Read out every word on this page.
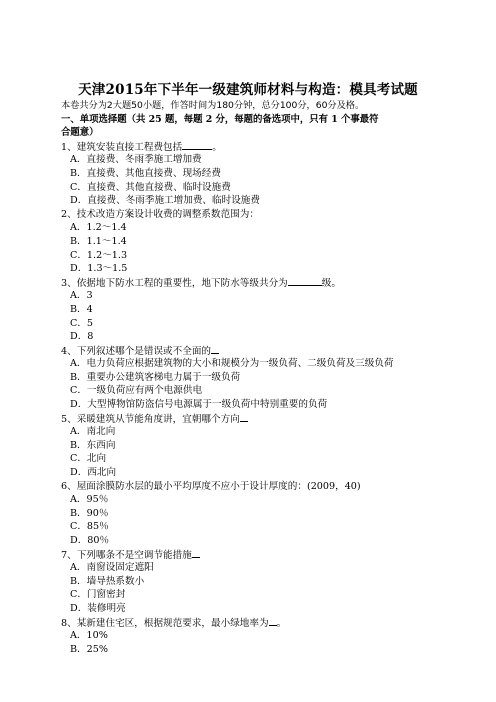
天津2015年下半年一级建筑师材料与构造：模具考试题
本卷共分为2大题50小题，作答时间为180分钟，总分100分，60分及格。
一、单项选择题（共 25 题，每题 2 分，每题的备选项中，只有 1 个事最符
合题意）
1、建筑安装直接工程费包括	。
A．直接费、冬雨季施工增加费
B．直接费、其他直接费、现场经费
C．直接费、其他直接费、临时设施费
D．直接费、冬雨季施工增加费、临时设施费
2、技术改造方案设计收费的调整系数范围为：
A．1.2～1.4
B．1.1～1.4
C．1.2～1.3
D．1.3～1.5
3、依据地下防水工程的重要性，地下防水等级共分为	级。
A．3
B．4
C．5
D．8
4、下列叙述哪个是错误或不全面的
A．电力负荷应根据建筑物的大小和规模分为一级负荷、二级负荷及三级负荷
B．重要办公建筑客梯电力属于一级负荷
C．一级负荷应有两个电源供电
D．大型博物馆防盗信号电源属于一级负荷中特别重要的负荷
5、采暖建筑从节能角度讲，宜朝哪个方向
A．南北向
B．东西向
C．北向
D．西北向
6、屋面涂膜防水层的最小平均厚度不应小于设计厚度的：(2009，40)
A．95％
B．90％
C．85％
D．80％
7、下列哪条不是空调节能措施
A．南窗设固定遮阳
B．墙导热系数小
C．门窗密封
D．装修明亮
8、某新建住宅区，根据规范要求，最小绿地率为 。
A．10%
B．25%
